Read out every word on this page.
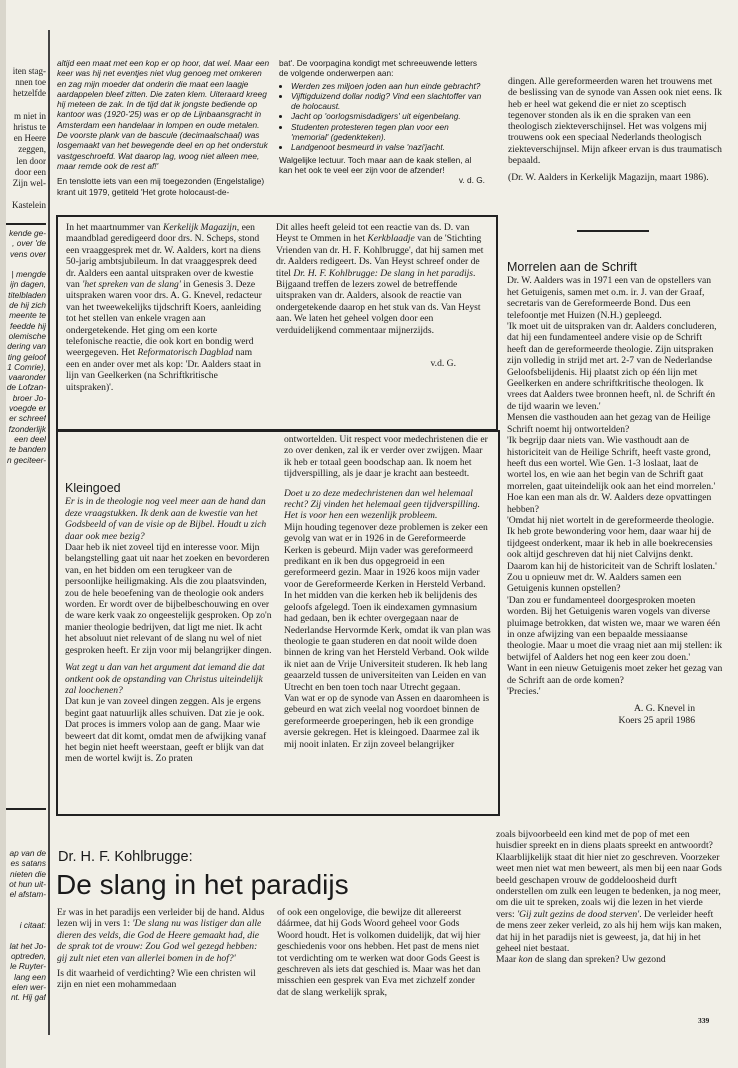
iten stag-
nnen toe
hetzelfde

m niet in
hristus te
en Heere
zeggen,
len door
door een
Zijn wel-

Kastelein
kende ge-
, over 'de
vens over

| mengde
ijn dagen,
titelbladen
de hij zich
meente te
feedde hij
olemische
dering van
ting geloof
1 Comrie),
vaaronder
de Lofzan-
broer Jo-
voegde er
er schreef
fzonderlijk
een deel
te banden
n geciteer-
ap van de
es satans
nieten die
ot hun uit-
el afstam-

i citaat:

lat het Jo-
optreden,
le Ruyter-
lang een
elen wer-
nt. Hij gaf

altijd een maat met een kop er op hoor, dat wel. Maar een keer was hij net eventjes niet vlug genoeg met omkeren en zag mijn moeder dat onderin die maat een laagje aardappelen bleef zitten. Die zaten klem. Uiteraard kreeg hij meteen de zak. In de tijd dat ik jongste bediende op kantoor was (1920-'25) was er op de Lijnbaansgracht in Amsterdam een handelaar in lompen en oude metalen. De voorste plank van de bascule (decimaalschaal) was losgemaakt van het bewegende deel en op het onderstuk vastgeschroefd. Wat daarop lag, woog niet alleen mee, maar remde ook de rest af!'

En tenslotte iets van een mij toegezonden (Engelstalige) krant uit 1979, getiteld 'Het grote holocaust-de-

bat'. De voorpagina kondigt met schreeuwende letters de volgende onderwerpen aan:

• Werden zes miljoen joden aan hun einde gebracht?
• Vijftigduizend dollar nodig? Vind een slachtoffer van de holocaust.
• Jacht op 'oorlogsmisdadigers' uit eigenbelang.
• Studenten protesteren tegen plan voor een 'memorial' (gedenkteken).
• Landgenoot besmeurd in valse 'nazi'jacht.

Walgelijke lectuur. Toch maar aan de kaak stellen, al kan het ook te veel eer zijn voor de afzender!

v. d. G.

dingen. Alle gereformeerden waren het trouwens met de beslissing van de synode van Assen ook niet eens. Ik heb er heel wat gekend die er niet zo sceptisch tegenover stonden als ik en die spraken van een theologisch ziekteverschijnsel. Het was volgens mij trouwens ook een speciaal Nederlands theologisch ziekteverschijnsel. Mijn afkeer ervan is dus traumatisch bepaald.

(Dr. W. Aalders in Kerkelijk Magazijn, maart 1986).

In het maartnummer van Kerkelijk Magazijn, een maandblad geredigeerd door drs. N. Scheps, stond een vraaggesprek met dr. W. Aalders, kort na diens 50-jarig ambtsjubileum. In dat vraaggesprek deed dr. Aalders een aantal uitspraken over de kwestie van 'het spreken van de slang' in Genesis 3. Deze uitspraken waren voor drs. A. G. Knevel, redacteur van het tweewekelijks tijdschrift Koers, aanleiding tot het stellen van enkele vragen aan ondergetekende. Het ging om een korte telefonische reactie, die ook kort en bondig werd weergegeven. Het Reformatorisch Dagblad nam een en ander over met als kop: 'Dr. Aalders staat in lijn van Geelkerken (na Schriftkritische uitspraken)'.
Dit alles heeft geleid tot een reactie van ds. D. van Heyst te Ommen in het Kerkblaadje van de 'Stichting Vrienden van dr. H. F. Kohlbrugge', dat hij samen met dr. Aalders redigeert. Ds. Van Heyst schreef onder de titel Dr. H. F. Kohlbrugge: De slang in het paradijs. Bijgaand treffen de lezers zowel de betreffende uitspraken van dr. Aalders, alsook de reactie van ondergetekende daarop en het stuk van ds. Van Heyst aan. We laten het geheel volgen door een verduidelijkend commentaar mijnerzijds.
v.d. G.
Kleingoed

Er is in de theologie nog veel meer aan de hand dan deze vraagstukken. Ik denk aan de kwestie van het Godsbeeld of van de visie op de Bijbel. Houdt u zich daar ook mee bezig?

Daar heb ik niet zoveel tijd en interesse voor. Mijn belangstelling gaat uit naar het zoeken en bevorderen van, en het bidden om een terugkeer van de persoonlijke heiligmaking. Als die zou plaatsvinden, zou de hele beoefening van de theologie ook anders worden. Er wordt over de bijbelbeschouwing en over de ware kerk vaak zo ongeestelijk gesproken. Op zo'n manier theologie bedrijven, dat ligt me niet. Ik acht het absoluut niet relevant of de slang nu wel of niet gesproken heeft. Er zijn voor mij belangrijker dingen.

Wat zegt u dan van het argument dat iemand die dat ontkent ook de opstanding van Christus uiteindelijk zal loochenen?

Dat kun je van zoveel dingen zeggen. Als je ergens begint gaat natuurlijk alles schuiven. Dat zie je ook. Dat proces is immers volop aan de gang. Maar wie beweert dat dit komt, omdat men de afwijking vanaf het begin niet heeft weerstaan, geeft er blijk van dat men de wortel kwijt is. Zo praten

ontwortelden. Uit respect voor medechristenen die er zo over denken, zal ik er verder over zwijgen. Maar ik heb er totaal geen boodschap aan. Ik noem het tijdverspilling, als je daar je kracht aan besteedt.

Doet u zo deze medechristenen dan wel helemaal recht? Zij vinden het helemaal geen tijdverspilling. Het is voor hen een wezenlijk probleem.

Mijn houding tegenover deze problemen is zeker een gevolg van wat er in 1926 in de Gereformeerde Kerken is gebeurd. Mijn vader was gereformeerd predikant en ik ben dus opgegroeid in een gereformeerd gezin. Maar in 1926 koos mijn vader voor de Gereformeerde Kerken in Hersteld Verband. In het midden van die kerken heb ik belijdenis des geloofs afgelegd. Toen ik eindexamen gymnasium had gedaan, ben ik echter overgegaan naar de Nederlandse Hervormde Kerk, omdat ik van plan was theologie te gaan studeren en dat nooit wilde doen binnen de kring van het Hersteld Verband. Ook wilde ik niet aan de Vrije Universiteit studeren. Ik heb lang geaarzeld tussen de universiteiten van Leiden en van Utrecht en ben toen toch naar Utrecht gegaan.

Van wat er op de synode van Assen en daaromheen is gebeurd en wat zich veelal nog voordoet binnen de gereformeerde groeperingen, heb ik een grondige aversie gekregen. Het is kleingoed. Daarmee zal ik mij nooit inlaten. Er zijn zoveel belangrijker

Morrelen aan de Schrift

Dr. W. Aalders was in 1971 een van de opstellers van het Getuigenis, samen met o.m. ir. J. van der Graaf, secretaris van de Gereformeerde Bond. Dus een telefoontje met Huizen (N.H.) gepleegd.

'Ik moet uit de uitspraken van dr. Aalders concluderen, dat hij een fundamenteel andere visie op de Schrift heeft dan de gereformeerde theologie. Zijn uitspraken zijn volledig in strijd met art. 2-7 van de Nederlandse Geloofsbelijdenis. Hij plaatst zich op één lijn met Geelkerken en andere schriftkritische theologen. Ik vrees dat Aalders twee bronnen heeft, nl. de Schrift én de tijd waarin we leven.'

Mensen die vasthouden aan het gezag van de Heilige Schrift noemt hij ontwortelden?

'Ik begrijp daar niets van. Wie vasthoudt aan de historiciteit van de Heilige Schrift, heeft vaste grond, heeft dus een wortel. Wie Gen. 1-3 loslaat, laat de wortel los, en wie aan het begin van de Schrift gaat morrelen, gaat uiteindelijk ook aan het eind morrelen.'

Hoe kan een man als dr. W. Aalders deze opvattingen hebben?

'Omdat hij niet wortelt in de gereformeerde theologie. Ik heb grote bewondering voor hem, daar waar hij de tijdgeest onderkent, maar ik heb in alle boekrecensies ook altijd geschreven dat hij niet Calvijns denkt. Daarom kan hij de historiciteit van de Schrift loslaten.'

Zou u opnieuw met dr. W. Aalders samen een Getuigenis kunnen opstellen?

'Dan zou er fundamenteel doorgesproken moeten worden. Bij het Getuigenis waren vogels van diverse pluimage betrokken, dat wisten we, maar we waren één in onze afwijzing van een bepaalde messiaanse theologie. Maar u moet die vraag niet aan mij stellen: ik betwijfel of Aalders het nog een keer zou doen.'

Want in een nieuw Getuigenis moet zeker het gezag van de Schrift aan de orde komen?

'Precies.'

A. G. Knevel in
Koers 25 april 1986
Dr. H. F. Kohlbrugge:
De slang in het paradijs
Er was in het paradijs een verleider bij de hand. Aldus lezen wij in vers 1: 'De slang nu was listiger dan alle dieren des velds, die God de Heere gemaakt had, die de sprak tot de vrouw: Zou God wel gezegd hebben: gij zult niet eten van allerlei bomen in de hof?'

Is dit waarheid of verdichting? Wie een christen wil zijn en niet een mohammedaan

of ook een ongelovige, die bewijze dit allereerst dáármee, dat hij Gods Woord geheel voor Gods Woord houdt. Het is volkomen duidelijk, dat wij hier geschiedenis voor ons hebben. Het past de mens niet tot verdichting om te werken wat door Gods Geest is geschreven als iets dat geschied is. Maar was het dan misschien een gesprek van Eva met zichzelf zonder dat de slang werkelijk sprak,

zoals bijvoorbeeld een kind met de pop of met een huisdier spreekt en in diens plaats spreekt en antwoordt? Klaarblijkelijk staat dit hier niet zo geschreven. Voorzeker weet men niet wat men beweert, als men bij een naar Gods beeld geschapen vrouw de goddeloosheid durft onderstellen om zulk een leugen te bedenken, ja nog meer, om die uit te spreken, zoals wij die lezen in het vierde vers: 'Gij zult gezins de dood sterven'. De verleider heeft de mens zeer zeker verleid, zo als hij hem wijs kan maken, dat hij in het paradijs niet is geweest, ja, dat hij in het geheel niet bestaat.
Maar kon de slang dan spreken? Uw gezond
339
